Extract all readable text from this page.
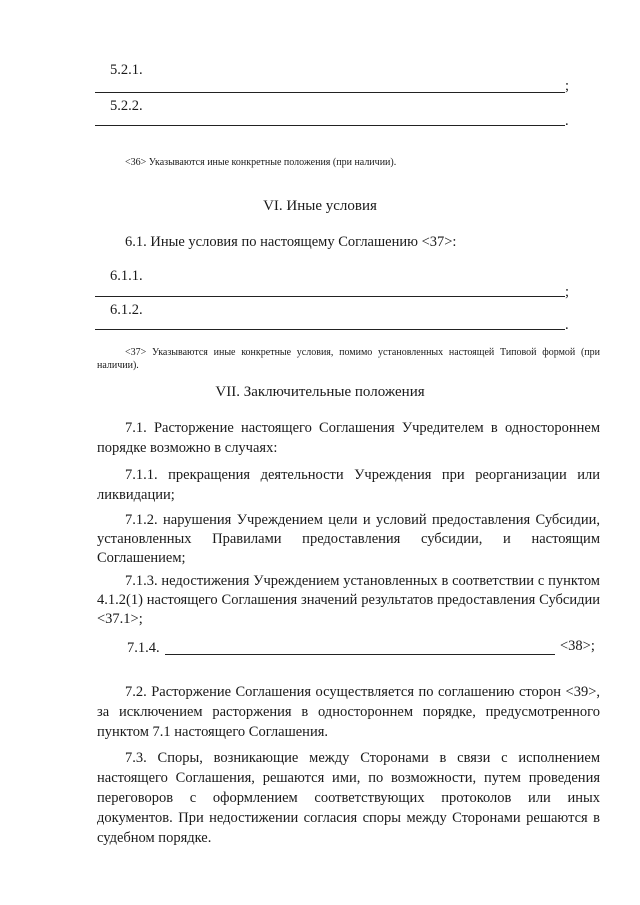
5.2.1.
;
5.2.2.
.
<36> Указываются иные конкретные положения (при наличии).
VI. Иные условия
6.1. Иные условия по настоящему Соглашению <37>:
6.1.1.
;
6.1.2.
.
<37> Указываются иные конкретные условия, помимо установленных настоящей Типовой формой (при наличии).
VII. Заключительные положения
7.1. Расторжение настоящего Соглашения Учредителем в одностороннем порядке возможно в случаях:
7.1.1. прекращения деятельности Учреждения при реорганизации или ликвидации;
7.1.2. нарушения Учреждением цели и условий предоставления Субсидии, установленных Правилами предоставления субсидии, и настоящим Соглашением;
7.1.3. недостижения Учреждением установленных в соответствии с пунктом 4.1.2(1) настоящего Соглашения значений результатов предоставления Субсидии <37.1>;
7.1.4.	<38>;
7.2. Расторжение Соглашения осуществляется по соглашению сторон <39>, за исключением расторжения в одностороннем порядке, предусмотренного пунктом 7.1 настоящего Соглашения.
7.3. Споры, возникающие между Сторонами в связи с исполнением настоящего Соглашения, решаются ими, по возможности, путем проведения переговоров с оформлением соответствующих протоколов или иных документов. При недостижении согласия споры между Сторонами решаются в судебном порядке.
